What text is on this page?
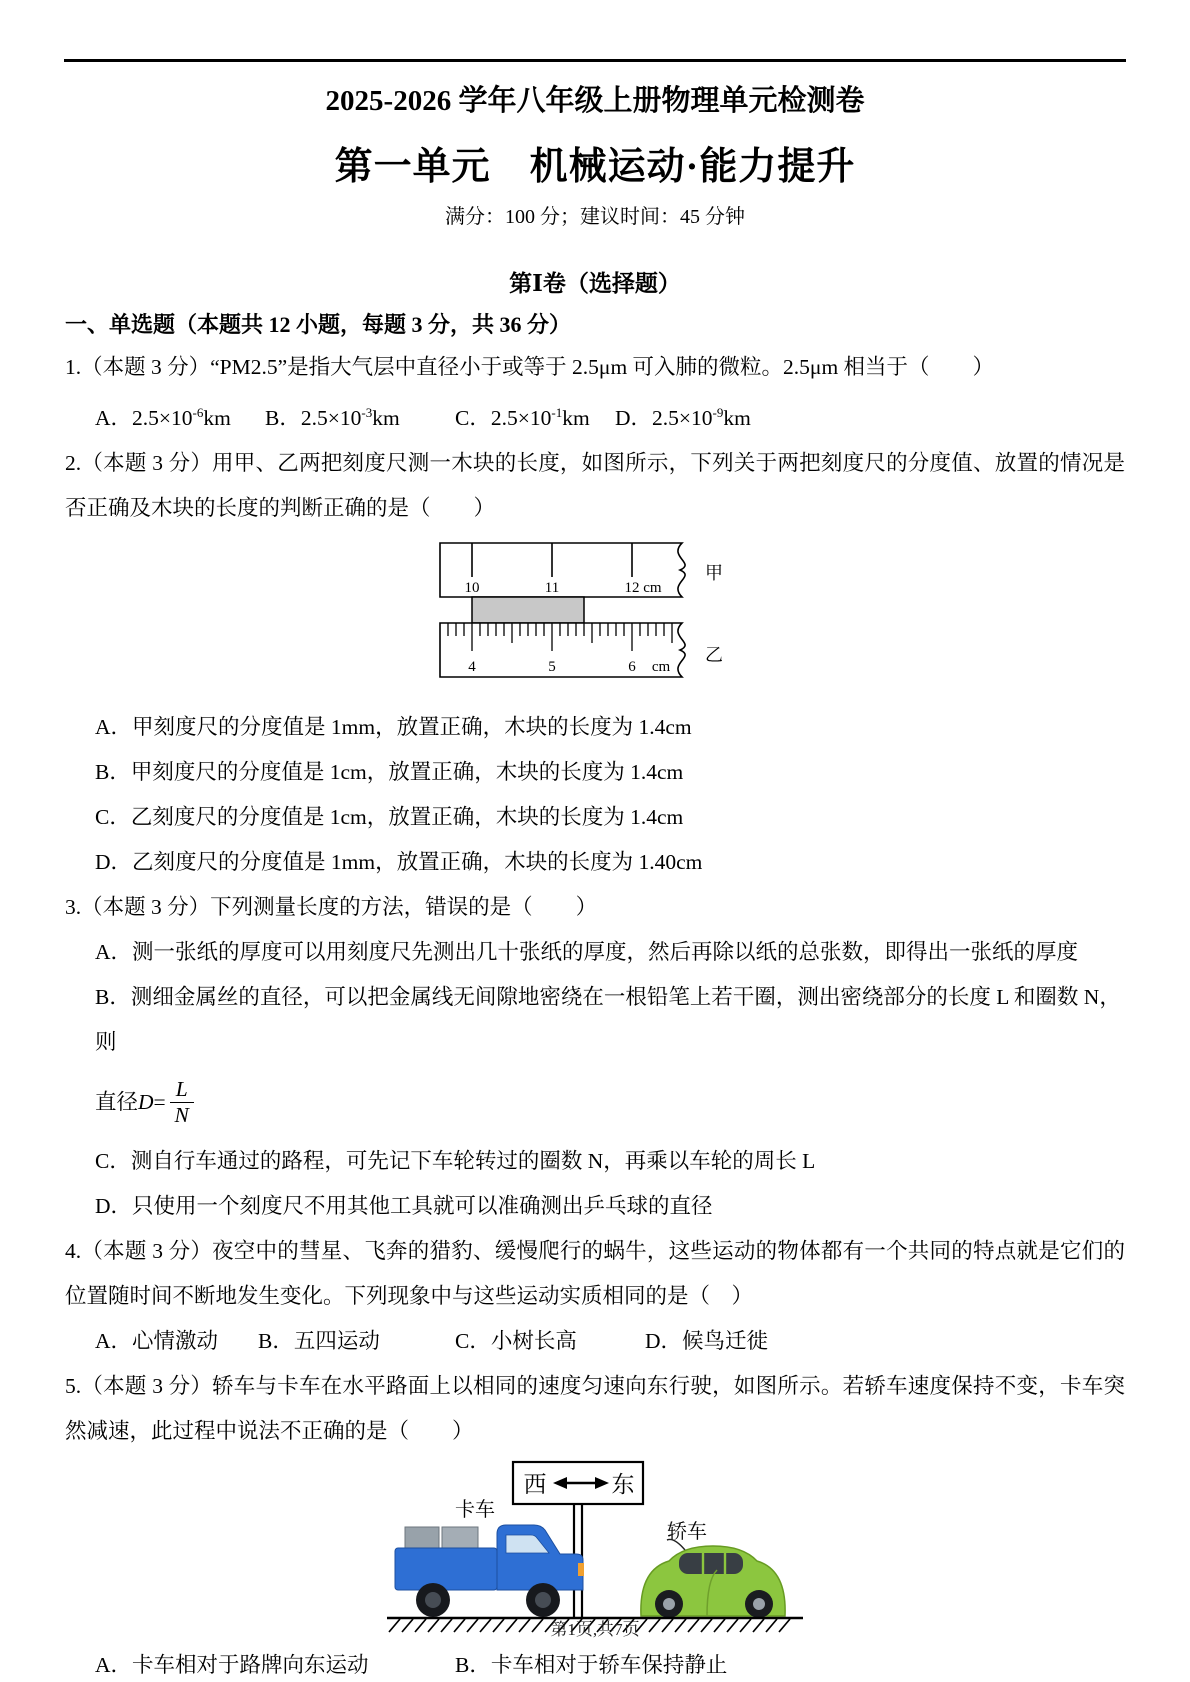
2025-2026 学年八年级上册物理单元检测卷
第一单元　机械运动·能力提升

满分：100 分；建议时间：45 分钟

第Ⅰ卷（选择题）
一、单选题（本题共 12 小题，每题 3 分，共 36 分）

1.（本题 3 分）“PM2.5”是指大气层中直径小于或等于 2.5μm 可入肺的微粒。2.5μm 相当于（　　）

A．$2.5\times 10^{-6}km$	B．$2.5\times 10^{-3}km$	C．$2.5\times 10^{-1}km$	D．$2.5\times 10^{-9}km$

2.（本题 3 分）用甲、乙两把刻度尺测一木块的长度，如图所示，下列关于两把刻度尺的分度值、放置的情况是否正确及木块的长度的判断正确的是（　　）

10	11	12 cm
甲
4	5	6 cm
乙

A．甲刻度尺的分度值是 1mm，放置正确，木块的长度为 1.4cm

B．甲刻度尺的分度值是 1cm，放置正确，木块的长度为 1.4cm

C．乙刻度尺的分度值是 1cm，放置正确，木块的长度为 1.4cm

D．乙刻度尺的分度值是 1mm，放置正确，木块的长度为 1.40cm

3.（本题 3 分）下列测量长度的方法，错误的是（　　）

A．测一张纸的厚度可以用刻度尺先测出几十张纸的厚度，然后再除以纸的总张数，即得出一张纸的厚度

B．测细金属丝的直径，可以把金属线无间隙地密绕在一根铅笔上若干圈，测出密绕部分的长度 L 和圈数 N，则

直径 $D = \frac{L}{N}$

C．测自行车通过的路程，可先记下车轮转过的圈数 N，再乘以车轮的周长 L

D．只使用一个刻度尺不用其他工具就可以准确测出乒乓球的直径

4.（本题 3 分）夜空中的彗星、飞奔的猎豹、缓慢爬行的蜗牛，这些运动的物体都有一个共同的特点就是它们的位置随时间不断地发生变化。下列现象中与这些运动实质相同的是（　）

A．心情激动	B．五四运动	C．小树长高	D．候鸟迁徙

5.（本题 3 分）轿车与卡车在水平路面上以相同的速度匀速向东行驶，如图所示。若轿车速度保持不变，卡车突然减速，此过程中说法不正确的是（　　）

西	东
卡车
轿车
A．卡车相对于路牌向东运动	B．卡车相对于轿车保持静止

第1页,共7页
